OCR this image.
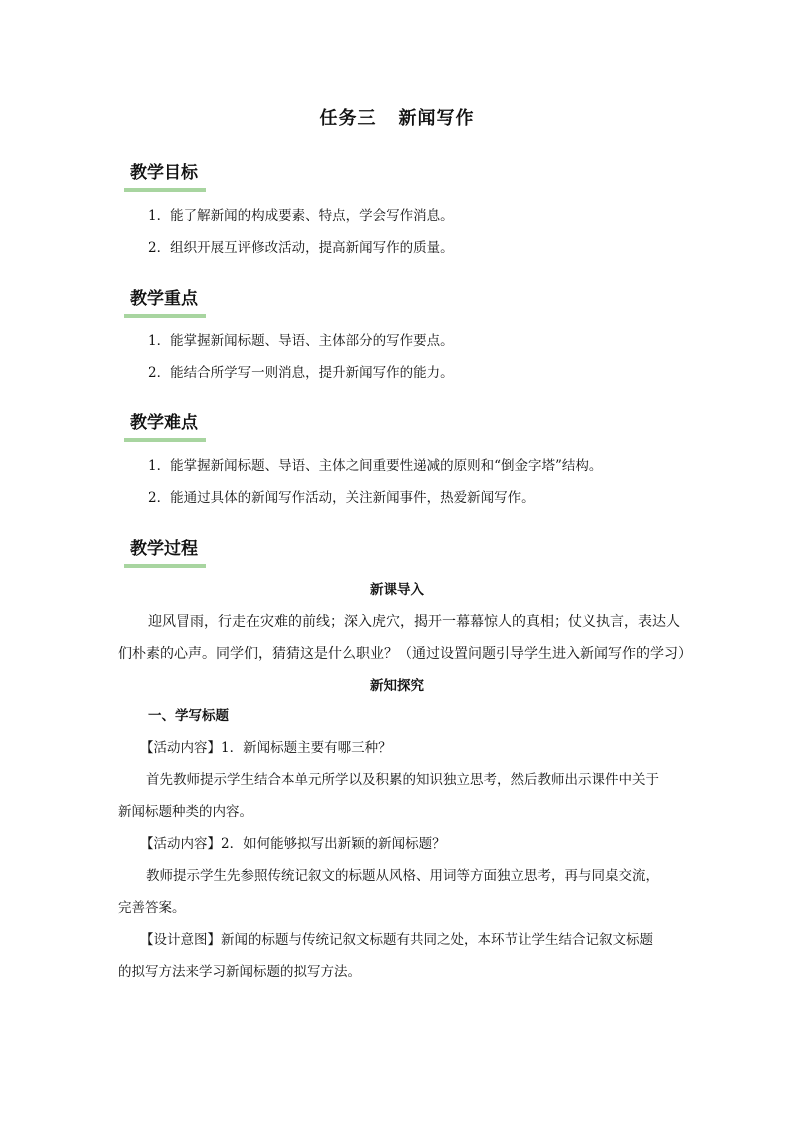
任务三 新闻写作
教学目标
1．能了解新闻的构成要素、特点，学会写作消息。
2．组织开展互评修改活动，提高新闻写作的质量。
教学重点
1．能掌握新闻标题、导语、主体部分的写作要点。
2．能结合所学写一则消息，提升新闻写作的能力。
教学难点
1．能掌握新闻标题、导语、主体之间重要性递减的原则和“倒金字塔”结构。
2．能通过具体的新闻写作活动，关注新闻事件，热爱新闻写作。
教学过程
新课导入
迎风冒雨，行走在灾难的前线；深入虎穴，揭开一幕幕惊人的真相；仗义执言，表达人
们朴素的心声。同学们，猜猜这是什么职业？（通过设置问题引导学生进入新闻写作的学习）
新知探究
一、学写标题
【活动内容】1．新闻标题主要有哪三种？
首先教师提示学生结合本单元所学以及积累的知识独立思考，然后教师出示课件中关于
新闻标题种类的内容。
【活动内容】2．如何能够拟写出新颖的新闻标题？
教师提示学生先参照传统记叙文的标题从风格、用词等方面独立思考，再与同桌交流，
完善答案。
【设计意图】新闻的标题与传统记叙文标题有共同之处，本环节让学生结合记叙文标题
的拟写方法来学习新闻标题的拟写方法。
